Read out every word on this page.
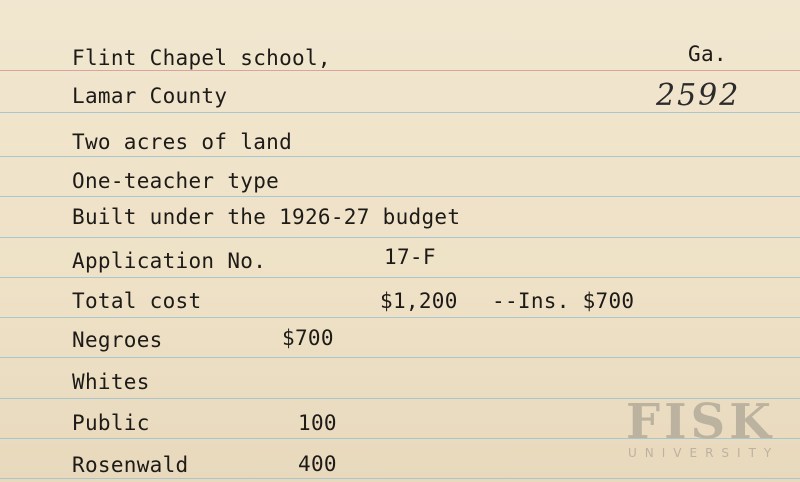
Flint Chapel school,	Ga.
Lamar County	2592
Two acres of land
One-teacher type
Built under the 1926-27 budget
Application No.	17-F
Total cost	$1,200 --Ins. $700
Negroes	$700
Whites
Public	100
Rosenwald	400
FISK
UNIVERSITY
